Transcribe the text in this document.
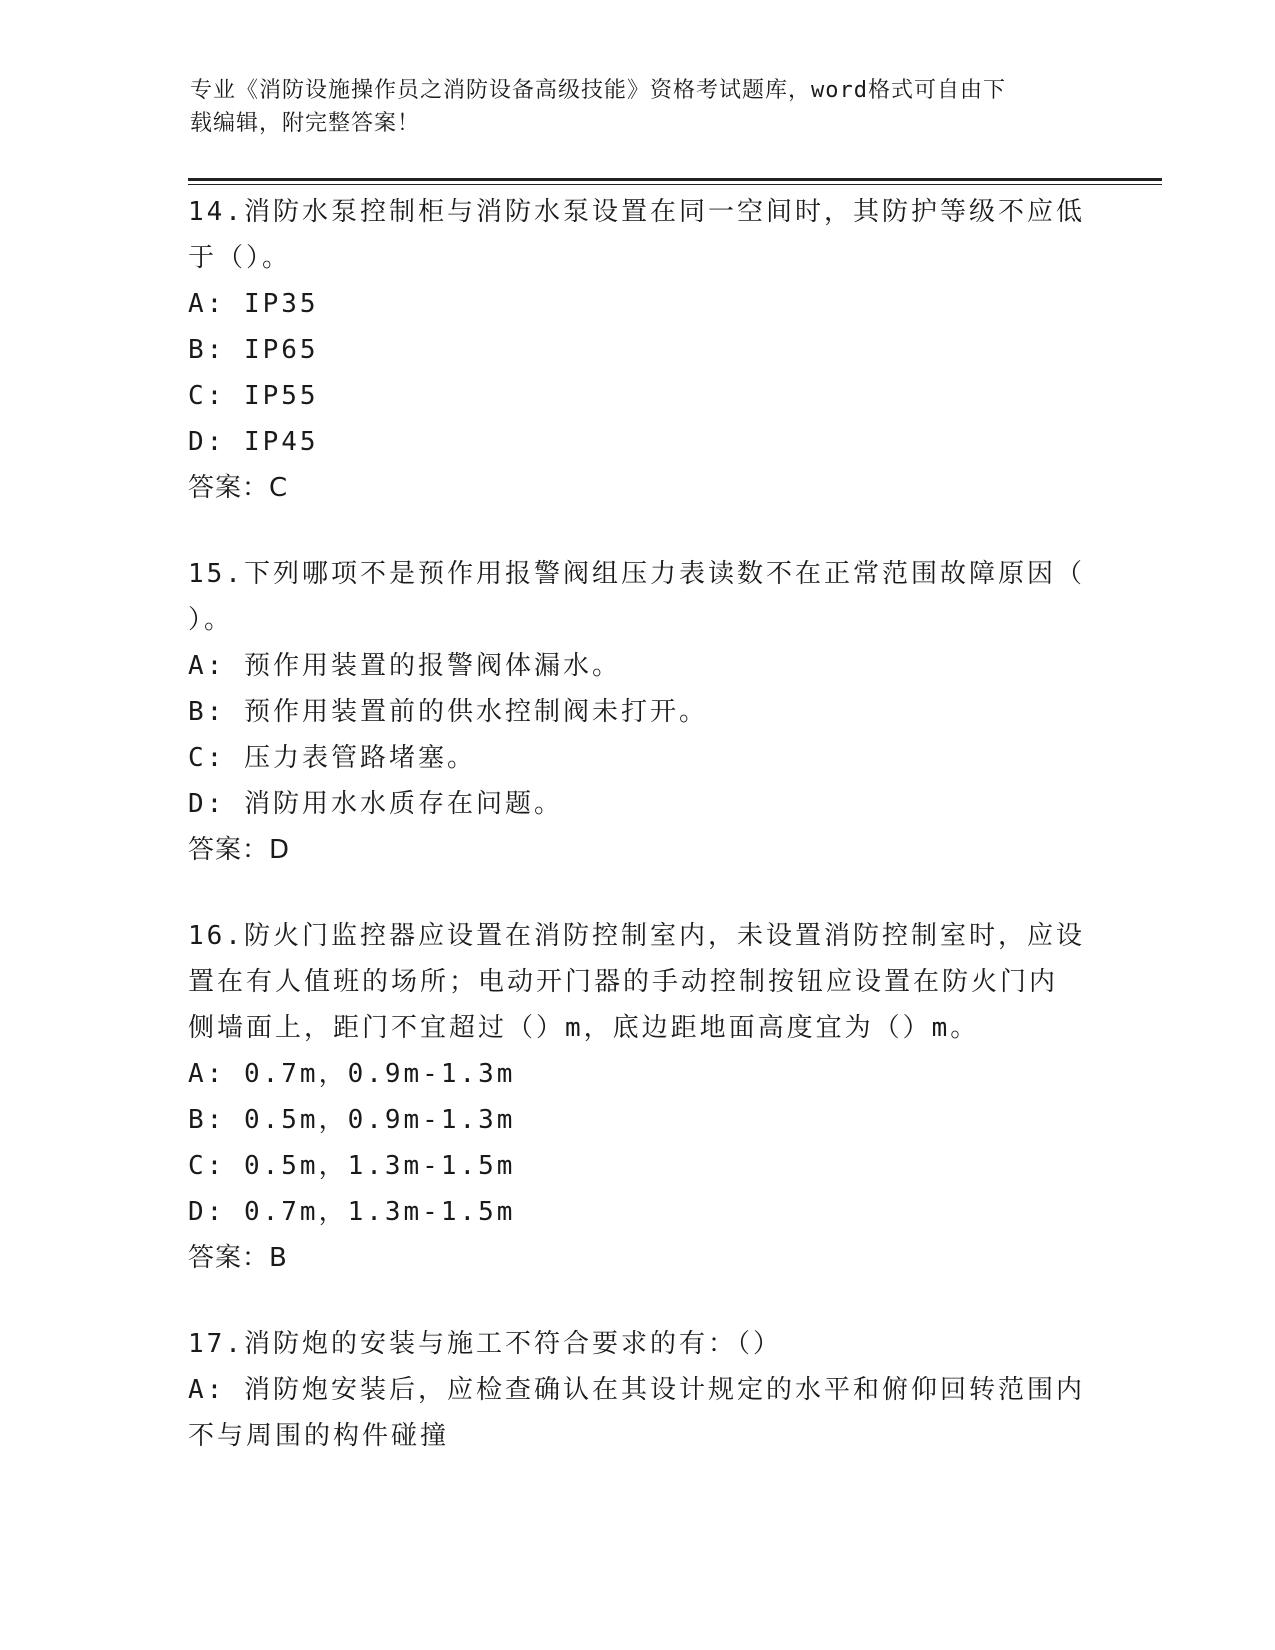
专业《消防设施操作员之消防设备高级技能》资格考试题库，word格式可自由下
载编辑，附完整答案！

14.消防水泵控制柜与消防水泵设置在同一空间时，其防护等级不应低

于（）。

A: IP35

B: IP65

C: IP55

D: IP45

答案：C

15.下列哪项不是预作用报警阀组压力表读数不在正常范围故障原因（

）。

A: 预作用装置的报警阀体漏水。

B: 预作用装置前的供水控制阀未打开。

C: 压力表管路堵塞。

D: 消防用水水质存在问题。

答案：D

16.防火门监控器应设置在消防控制室内，未设置消防控制室时，应设

置在有人值班的场所；电动开门器的手动控制按钮应设置在防火门内

侧墙面上，距门不宜超过（）m，底边距地面高度宜为（）m。

A: 0.7m，0.9m-1.3m

B: 0.5m，0.9m-1.3m

C: 0.5m，1.3m-1.5m

D: 0.7m，1.3m-1.5m

答案：B

17.消防炮的安装与施工不符合要求的有：（）

A: 消防炮安装后，应检查确认在其设计规定的水平和俯仰回转范围内

不与周围的构件碰撞
